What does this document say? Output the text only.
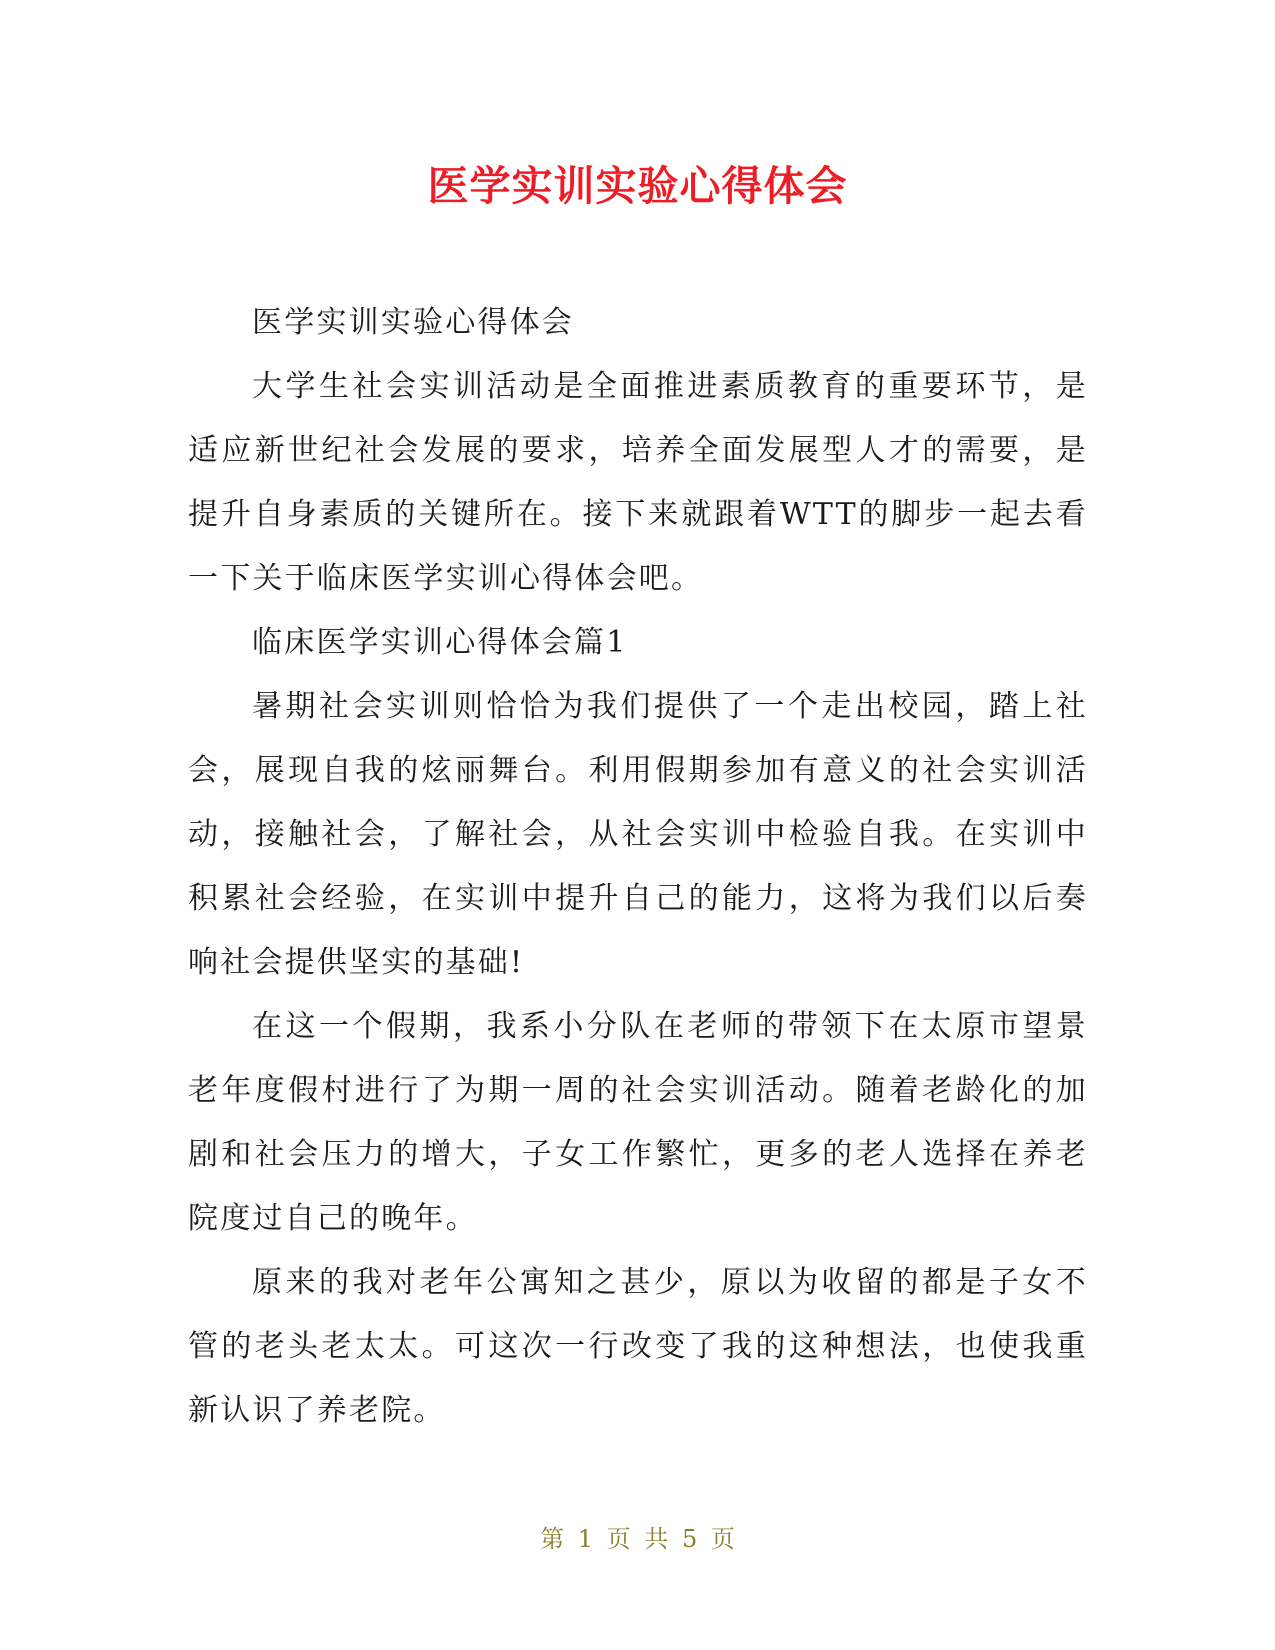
医学实训实验心得体会

医学实训实验心得体会

大学生社会实训活动是全面推进素质教育的重要环节，是适应新世纪社会发展的要求，培养全面发展型人才的需要，是提升自身素质的关键所在。接下来就跟着WTT的脚步一起去看一下关于临床医学实训心得体会吧。

临床医学实训心得体会篇1

暑期社会实训则恰恰为我们提供了一个走出校园，踏上社会，展现自我的炫丽舞台。利用假期参加有意义的社会实训活动，接触社会，了解社会，从社会实训中检验自我。在实训中积累社会经验，在实训中提升自己的能力，这将为我们以后奏响社会提供坚实的基础!

在这一个假期，我系小分队在老师的带领下在太原市望景老年度假村进行了为期一周的社会实训活动。随着老龄化的加剧和社会压力的增大，子女工作繁忙，更多的老人选择在养老院度过自己的晚年。

原来的我对老年公寓知之甚少，原以为收留的都是子女不管的老头老太太。可这次一行改变了我的这种想法，也使我重新认识了养老院。

第 1 页 共 5 页
